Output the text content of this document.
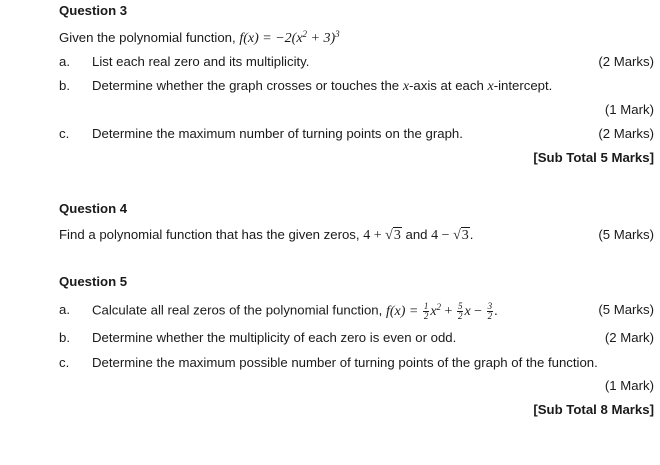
Question 3
Given the polynomial function, $f(x) = -2(x^2 + 3)^3$
a. List each real zero and its multiplicity.	(2 Marks)
b. Determine whether the graph crosses or touches the x-axis at each x-intercept.
(1 Mark)
c. Determine the maximum number of turning points on the graph.	(2 Marks)
[Sub Total 5 Marks]
Question 4
Find a polynomial function that has the given zeros, 4 + √3 and 4 − √3.	(5 Marks)
Question 5
a. Calculate all real zeros of the polynomial function, $f(x) = \frac{1}{2} x^2 + \frac{5}{2}$ $x - \frac{3}{2}$ .	(5 Marks)
b. Determine whether the multiplicity of each zero is even or odd.	(2 Mark)
c. Determine the maximum possible number of turning points of the graph of the function.
(1 Mark)
[Sub Total 8 Marks]
